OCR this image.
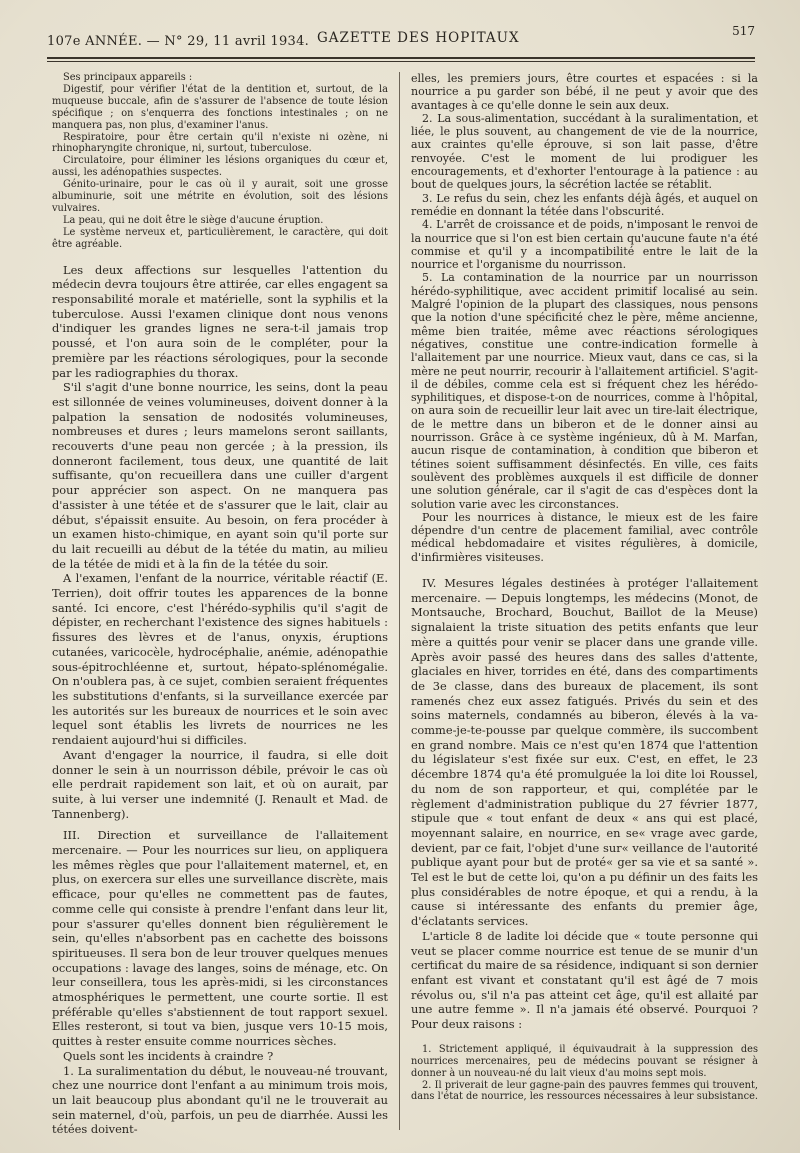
107e ANNÉE. — N° 29, 11 avril 1934. GAZETTE DES HOPITAUX	517

Ses principaux appareils :

Digestif, pour vérifier l'état de la dentition et, surtout, de la muqueuse buccale, afin de s'assurer de l'absence de toute lésion spécifique ; on s'enquerra des fonctions intestinales ; on ne manquera pas, non plus, d'examiner l'anus.

Respiratoire, pour être certain qu'il n'existe ni ozène, ni rhinopharyngite chronique, ni, surtout, tuberculose.

Circulatoire, pour éliminer les lésions organiques du cœur et, aussi, les adénopathies suspectes.

Génito-urinaire, pour le cas où il y aurait, soit une grosse albuminurie, soit une métrite en évolution, soit des lésions vulvaires.

La peau, qui ne doit être le siège d'aucune éruption.

Le système nerveux et, particulièrement, le caractère, qui doit être agréable.

Les deux affections sur lesquelles l'attention du médecin devra toujours être attirée, car elles engagent sa responsabilité morale et matérielle, sont la syphilis et la tuberculose. Aussi l'examen clinique dont nous venons d'indiquer les grandes lignes ne sera-t-il jamais trop poussé, et l'on aura soin de le compléter, pour la première par les réactions sérologiques, pour la seconde par les radiographies du thorax.

S'il s'agit d'une bonne nourrice, les seins, dont la peau est sillonnée de veines volumineuses, doivent donner à la palpation la sensation de nodosités volumineuses, nombreuses et dures ; leurs mamelons seront saillants, recouverts d'une peau non gercée ; à la pression, ils donneront facilement, tous deux, une quantité de lait suffisante, qu'on recueillera dans une cuiller d'argent pour apprécier son aspect. On ne manquera pas d'assister à une tétée et de s'assurer que le lait, clair au début, s'épaissit ensuite. Au besoin, on fera procéder à un examen histo-chimique, en ayant soin qu'il porte sur du lait recueilli au début de la tétée du matin, au milieu de la tétée de midi et à la fin de la tétée du soir.

A l'examen, l'enfant de la nourrice, véritable réactif (E. Terrien), doit offrir toutes les apparences de la bonne santé. Ici encore, c'est l'hérédo-syphilis qu'il s'agit de dépister, en recherchant l'existence des signes habituels : fissures des lèvres et de l'anus, onyxis, éruptions cutanées, varicocèle, hydrocéphalie, anémie, adénopathie sous-épitrochléenne et, surtout, hépato-splénomégalie. On n'oublera pas, à ce sujet, combien seraient fréquentes les substitutions d'enfants, si la surveillance exercée par les autorités sur les bureaux de nourrices et le soin avec lequel sont établis les livrets de nourrices ne les rendaient aujourd'hui si difficiles.

Avant d'engager la nourrice, il faudra, si elle doit donner le sein à un nourrisson débile, prévoir le cas où elle perdrait rapidement son lait, et où on aurait, par suite, à lui verser une indemnité (J. Renault et Mad. de Tannenberg).

III. Direction et surveillance de l'allaitement mercenaire. — Pour les nourrices sur lieu, on appliquera les mêmes règles que pour l'allaitement maternel, et, en plus, on exercera sur elles une surveillance discrète, mais efficace, pour qu'elles ne commettent pas de fautes, comme celle qui consiste à prendre l'enfant dans leur lit, pour s'assurer qu'elles donnent bien régulièrement le sein, qu'elles n'absorbent pas en cachette des boissons spiritueuses. Il sera bon de leur trouver quelques menues occupations : lavage des langes, soins de ménage, etc. On leur conseillera, tous les après-midi, si les circonstances atmosphériques le permettent, une courte sortie. Il est préférable qu'elles s'abstiennent de tout rapport sexuel. Elles resteront, si tout va bien, jusque vers 10-15 mois, quittes à rester ensuite comme nourrices sèches.

Quels sont les incidents à craindre ?

1. La suralimentation du début, le nouveau-né trouvant, chez une nourrice dont l'enfant a au minimum trois mois, un lait beaucoup plus abondant qu'il ne le trouverait au sein maternel, d'où, parfois, un peu de diarrhée. Aussi les tétées doivent-

elles, les premiers jours, être courtes et espacées : si la nourrice a pu garder son bébé, il ne peut y avoir que des avantages à ce qu'elle donne le sein aux deux.

2. La sous-alimentation, succédant à la suralimentation, et liée, le plus souvent, au changement de vie de la nourrice, aux craintes qu'elle éprouve, si son lait passe, d'être renvoyée. C'est le moment de lui prodiguer les encouragements, et d'exhorter l'entourage à la patience : au bout de quelques jours, la sécrétion lactée se rétablit.

3. Le refus du sein, chez les enfants déjà âgés, et auquel on remédie en donnant la tétée dans l'obscurité.

4. L'arrêt de croissance et de poids, n'imposant le renvoi de la nourrice que si l'on est bien certain qu'aucune faute n'a été commise et qu'il y a incompatibilité entre le lait de la nourrice et l'organisme du nourrisson.

5. La contamination de la nourrice par un nourrisson hérédo-syphilitique, avec accident primitif localisé au sein. Malgré l'opinion de la plupart des classiques, nous pensons que la notion d'une spécificité chez le père, même ancienne, même bien traitée, même avec réactions sérologiques négatives, constitue une contre-indication formelle à l'allaitement par une nourrice. Mieux vaut, dans ce cas, si la mère ne peut nourrir, recourir à l'allaitement artificiel. S'agit-il de débiles, comme cela est si fréquent chez les hérédo-syphilitiques, et dispose-t-on de nourrices, comme à l'hôpital, on aura soin de recueillir leur lait avec un tire-lait électrique, de le mettre dans un biberon et de le donner ainsi au nourrisson. Grâce à ce système ingénieux, dû à M. Marfan, aucun risque de contamination, à condition que biberon et tétines soient suffisamment désinfectés. En ville, ces faits soulèvent des problèmes auxquels il est difficile de donner une solution générale, car il s'agit de cas d'espèces dont la solution varie avec les circonstances.

Pour les nourrices à distance, le mieux est de les faire dépendre d'un centre de placement familial, avec contrôle médical hebdomadaire et visites régulières, à domicile, d'infirmières visiteuses.

IV. Mesures légales destinées à protéger l'allaitement mercenaire. — Depuis longtemps, les médecins (Monot, de Montsauche, Brochard, Bouchut, Baillot de la Meuse) signalaient la triste situation des petits enfants que leur mère a quittés pour venir se placer dans une grande ville. Après avoir passé des heures dans des salles d'attente, glaciales en hiver, torrides en été, dans des compartiments de 3e classe, dans des bureaux de placement, ils sont ramenés chez eux assez fatigués. Privés du sein et des soins maternels, condamnés au biberon, élevés à la va-comme-je-te-pousse par quelque commère, ils succombent en grand nombre. Mais ce n'est qu'en 1874 que l'attention du législateur s'est fixée sur eux. C'est, en effet, le 23 décembre 1874 qu'a été promulguée la loi dite loi Roussel, du nom de son rapporteur, et qui, complétée par le règlement d'administration publique du 27 février 1877, stipule que « tout enfant de deux « ans qui est placé, moyennant salaire, en nourrice, en se« vrage avec garde, devient, par ce fait, l'objet d'une sur« veillance de l'autorité publique ayant pour but de proté« ger sa vie et sa santé ». Tel est le but de cette loi, qu'on a pu définir un des faits les plus considérables de notre époque, et qui a rendu, à la cause si intéressante des enfants du premier âge, d'éclatants services.

L'article 8 de ladite loi décide que « toute personne qui veut se placer comme nourrice est tenue de se munir d'un certificat du maire de sa résidence, indiquant si son dernier enfant est vivant et constatant qu'il est âgé de 7 mois révolus ou, s'il n'a pas atteint cet âge, qu'il est allaité par une autre femme ». Il n'a jamais été observé. Pourquoi ? Pour deux raisons :

1. Strictement appliqué, il équivaudrait à la suppression des nourrices mercenaires, peu de médecins pouvant se résigner à donner à un nouveau-né du lait vieux d'au moins sept mois.

2. Il priverait de leur gagne-pain des pauvres femmes qui trouvent, dans l'état de nourrice, les ressources nécessaires à leur subsistance.
